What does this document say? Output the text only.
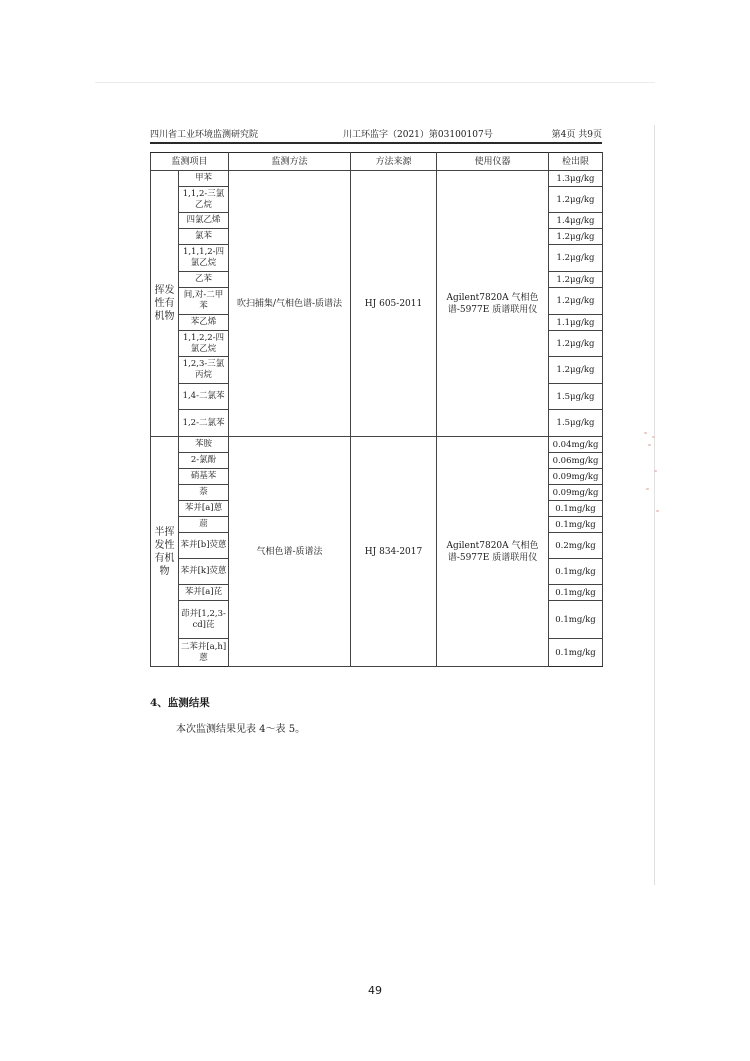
四川省工业环境监测研究院	川工环监字（2021）第03100107号	第4页 共9页
监测项目		监测方法	方法来源	使用仪器	检出限
挥发性有机物	甲苯	吹扫捕集/气相色谱-质谱法	HJ 605-2011	Agilent7820A 气相色谱-5977E 质谱联用仪	1.3μg/kg
	1,1,2-三氯乙烷				1.2μg/kg
	四氯乙烯				1.4μg/kg
	氯苯				1.2μg/kg
	1,1,1,2-四氯乙烷				1.2μg/kg
	乙苯				1.2μg/kg
	间,对-二甲苯				1.2μg/kg
	苯乙烯				1.1μg/kg
	1,1,2,2-四氯乙烷				1.2μg/kg
	1,2,3-三氯丙烷				1.2μg/kg
	1,4-二氯苯				1.5μg/kg
	1,2-二氯苯				1.5μg/kg
半挥发性有机物	苯胺	气相色谱-质谱法	HJ 834-2017	Agilent7820A 气相色谱-5977E 质谱联用仪	0.04mg/kg
	2-氯酚				0.06mg/kg
	硝基苯				0.09mg/kg
	萘				0.09mg/kg
	苯并[a]蒽				0.1mg/kg
	䓛				0.1mg/kg
	苯并[b]荧蒽				0.2mg/kg
	苯并[k]荧蒽				0.1mg/kg
	苯并[a]芘				0.1mg/kg
	茚并[1,2,3-cd]芘				0.1mg/kg
	二苯并[a,h]蒽				0.1mg/kg
4、监测结果
本次监测结果见表 4～表 5。
49
